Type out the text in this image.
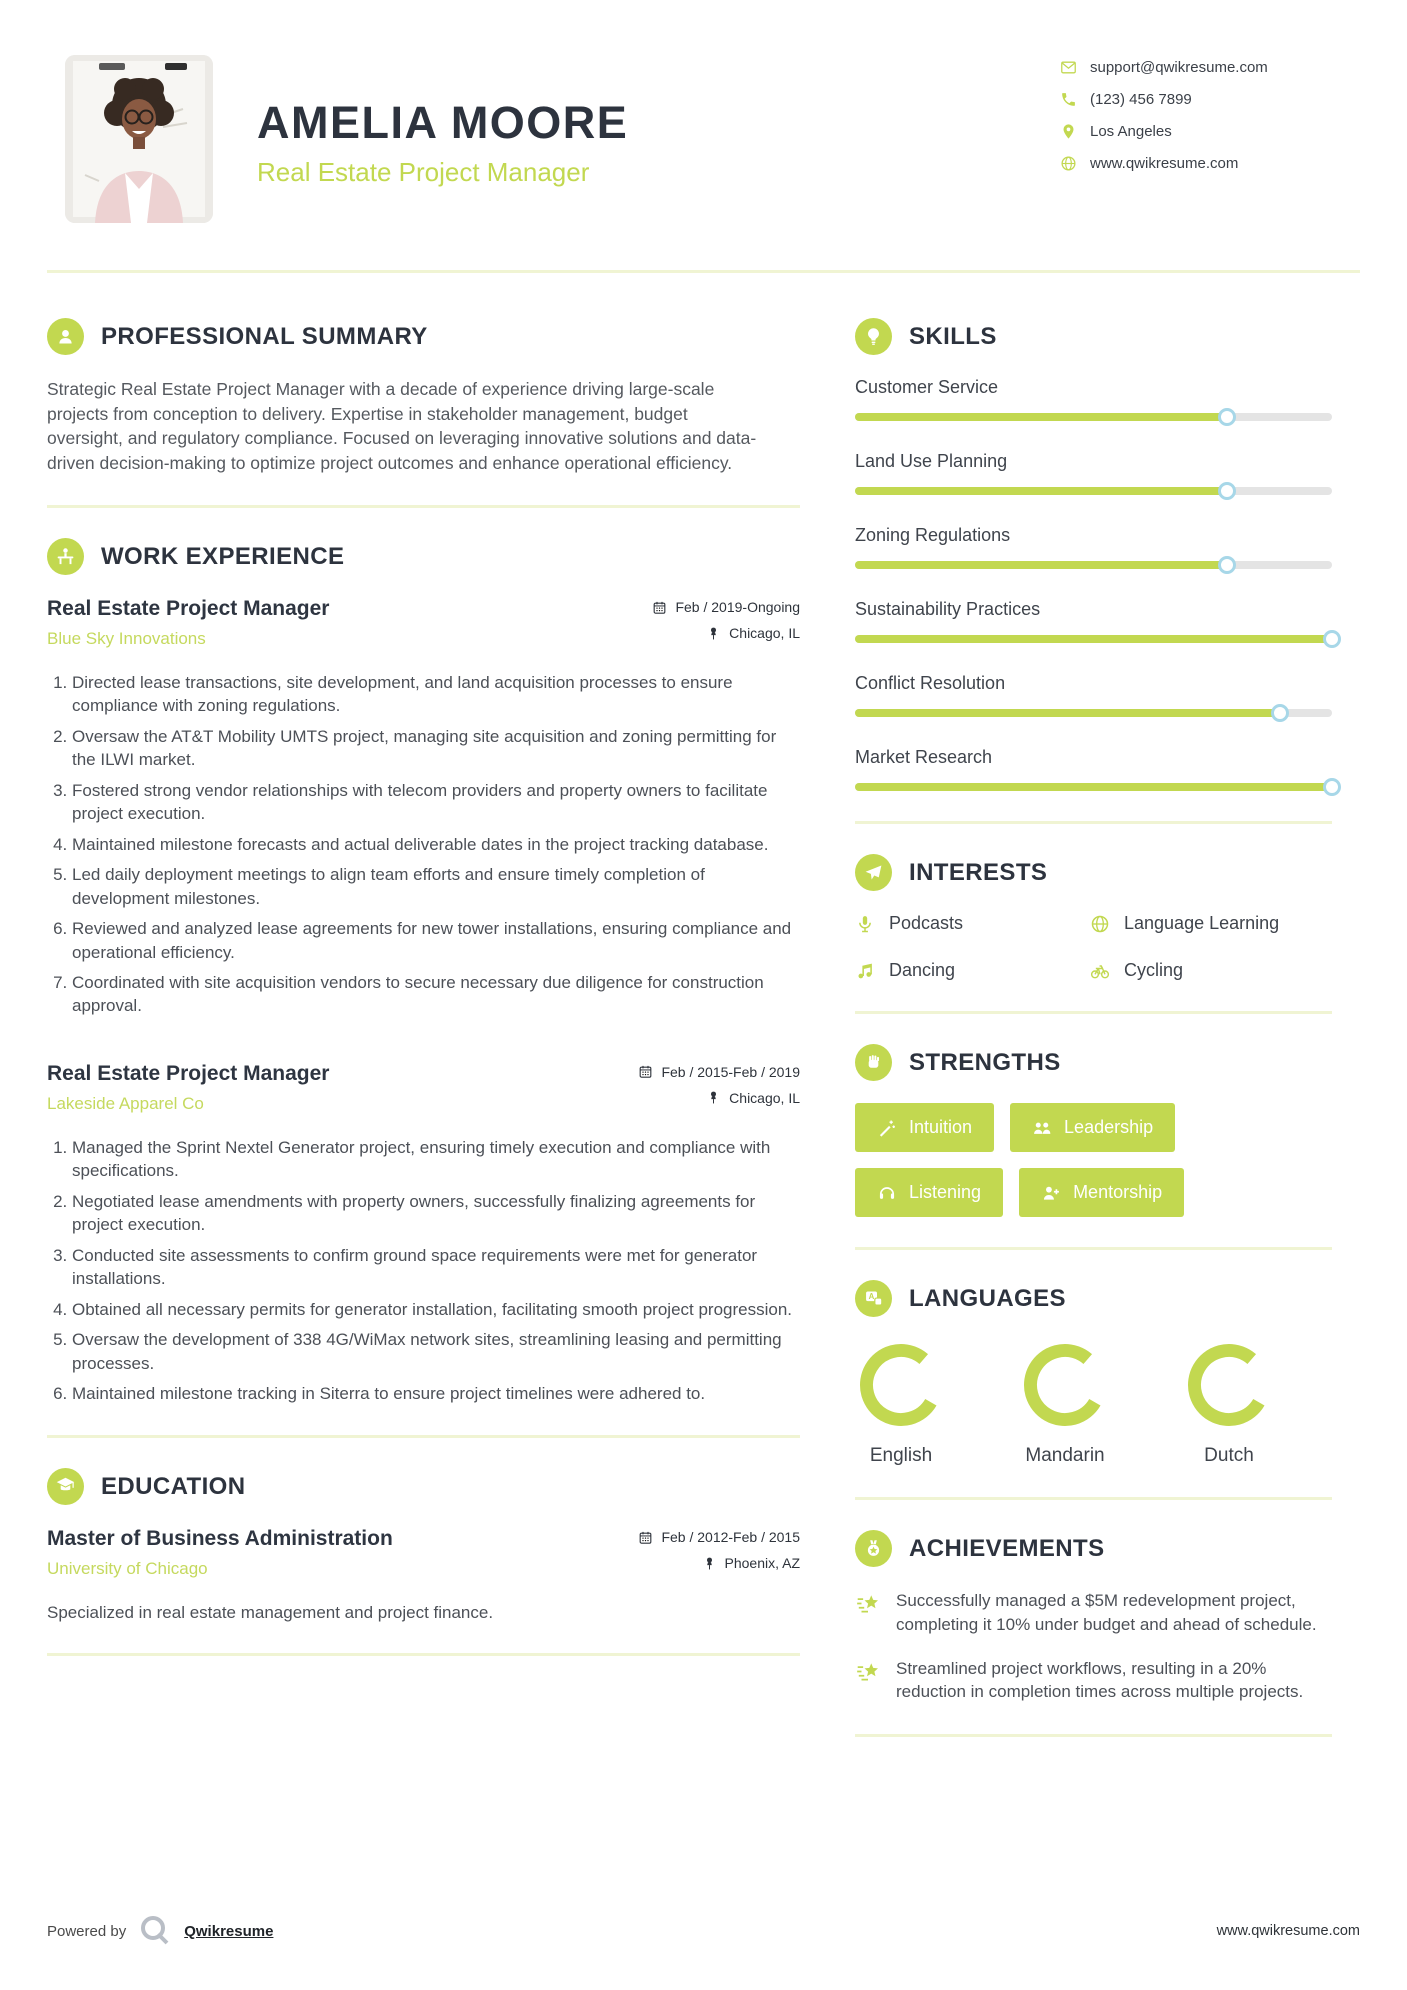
AMELIA MOORE
Real Estate Project Manager
support@qwikresume.com
(123) 456 7899
Los Angeles
www.qwikresume.com
PROFESSIONAL SUMMARY

Strategic Real Estate Project Manager with a decade of experience driving large-scale projects from conception to delivery. Expertise in stakeholder management, budget oversight, and regulatory compliance. Focused on leveraging innovative solutions and data-driven decision-making to optimize project outcomes and enhance operational efficiency.

WORK EXPERIENCE
Real Estate Project Manager
Blue Sky Innovations
Feb / 2019-Ongoing
Chicago, IL
1. Directed lease transactions, site development, and land acquisition processes to ensure compliance with zoning regulations.
2. Oversaw the AT&T Mobility UMTS project, managing site acquisition and zoning permitting for the ILWI market.
3. Fostered strong vendor relationships with telecom providers and property owners to facilitate project execution.
4. Maintained milestone forecasts and actual deliverable dates in the project tracking database.
5. Led daily deployment meetings to align team efforts and ensure timely completion of development milestones.
6. Reviewed and analyzed lease agreements for new tower installations, ensuring compliance and operational efficiency.
7. Coordinated with site acquisition vendors to secure necessary due diligence for construction approval.
Real Estate Project Manager
Lakeside Apparel Co
Feb / 2015-Feb / 2019
Chicago, IL
1. Managed the Sprint Nextel Generator project, ensuring timely execution and compliance with specifications.
2. Negotiated lease amendments with property owners, successfully finalizing agreements for project execution.
3. Conducted site assessments to confirm ground space requirements were met for generator installations.
4. Obtained all necessary permits for generator installation, facilitating smooth project progression.
5. Oversaw the development of 338 4G/WiMax network sites, streamlining leasing and permitting processes.
6. Maintained milestone tracking in Siterra to ensure project timelines were adhered to.
EDUCATION
Master of Business Administration
University of Chicago
Feb / 2012-Feb / 2015
Phoenix, AZ
Specialized in real estate management and project finance.
SKILLS
Customer Service
Land Use Planning
Zoning Regulations
Sustainability Practices
Conflict Resolution
Market Research
INTERESTS
Podcasts	Language Learning
Dancing	Cycling
STRENGTHS
Intuition	Leadership
Listening	Mentorship
LANGUAGES
English	Mandarin	Dutch
ACHIEVEMENTS
Successfully managed a $5M redevelopment project, completing it 10% under budget and ahead of schedule.
Streamlined project workflows, resulting in a 20% reduction in completion times across multiple projects.
Powered by	Qwikresume	www.qwikresume.com
